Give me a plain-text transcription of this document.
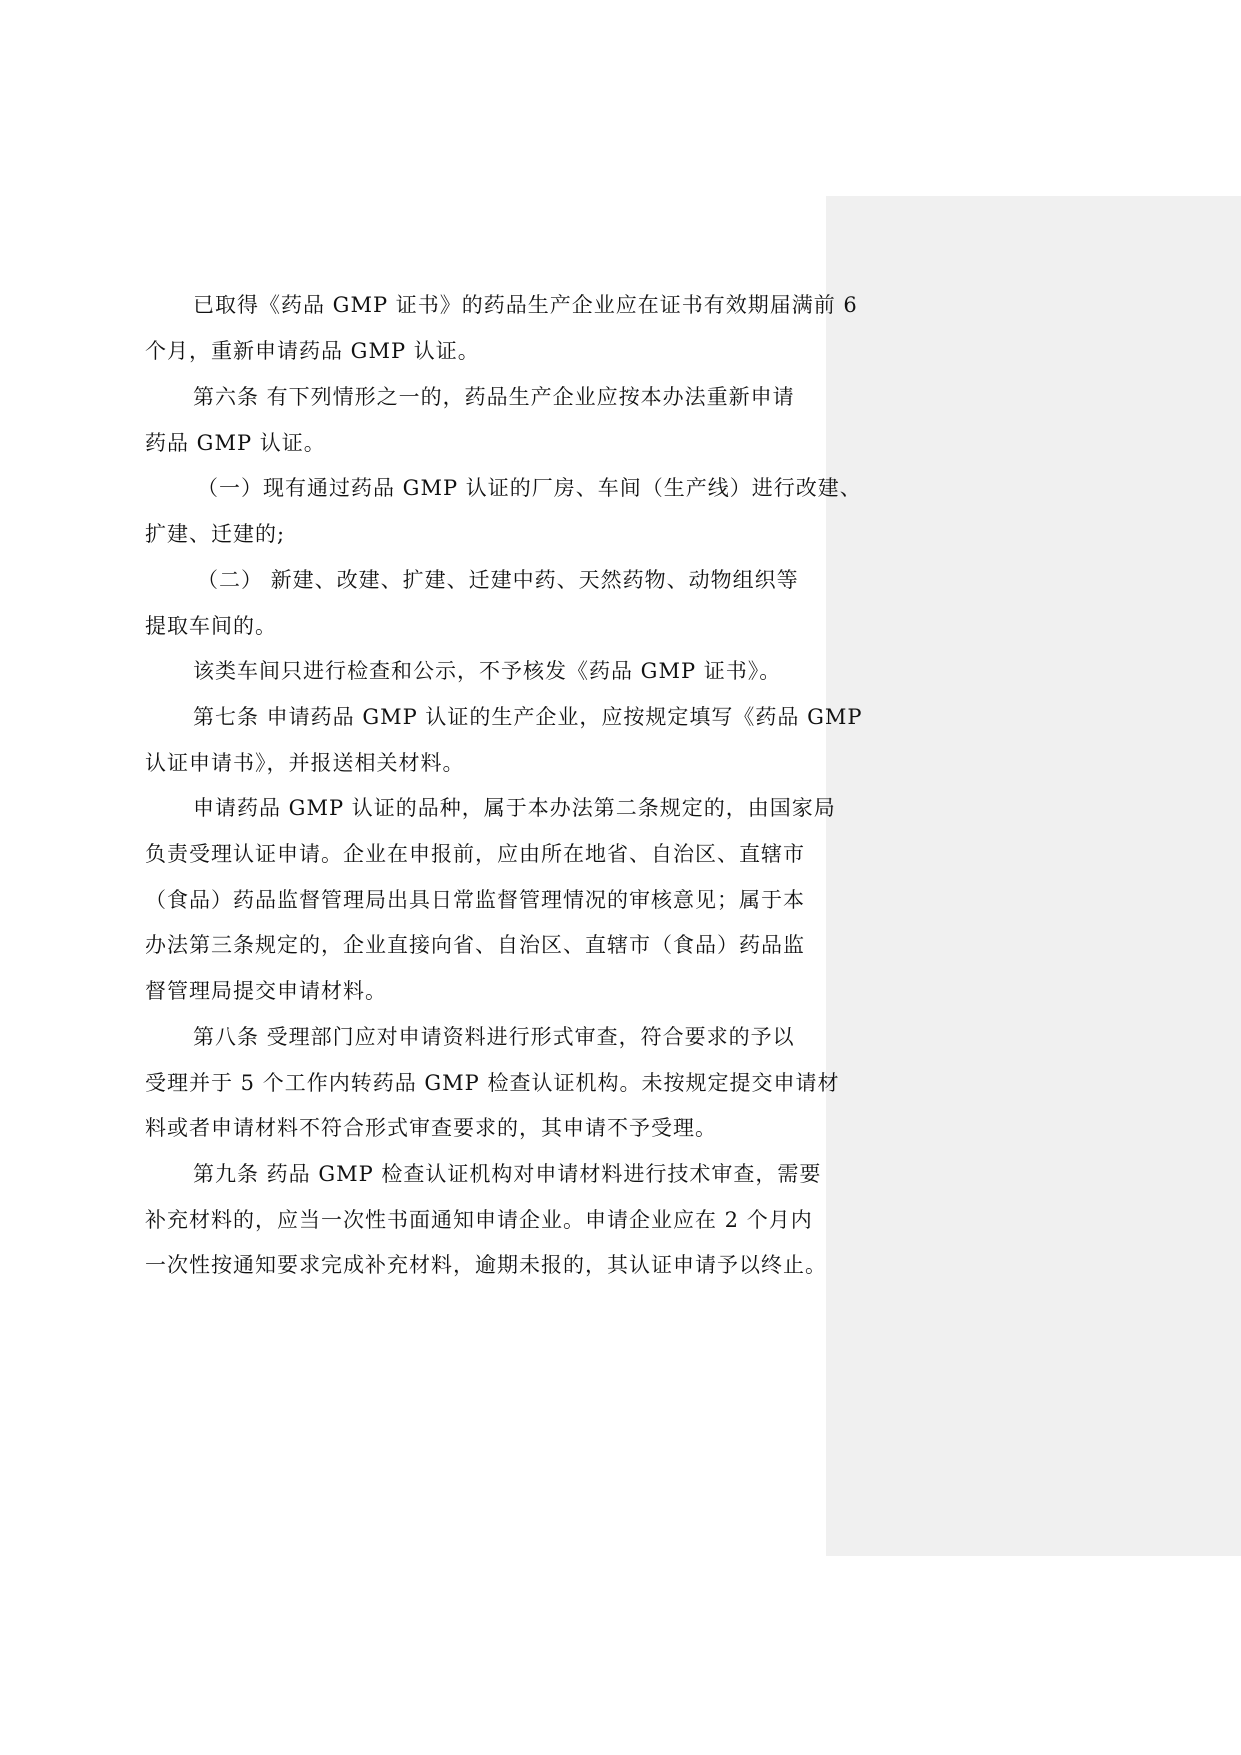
已取得《药品 GMP 证书》的药品生产企业应在证书有效期届满前 6
个月，重新申请药品 GMP 认证。
第六条 有下列情形之一的，药品生产企业应按本办法重新申请
药品 GMP 认证。
（一）现有通过药品 GMP 认证的厂房、车间（生产线）进行改建、
扩建、迁建的;
（二） 新建、改建、扩建、迁建中药、天然药物、动物组织等
提取车间的。
该类车间只进行检查和公示，不予核发《药品 GMP 证书》。
第七条 申请药品 GMP 认证的生产企业，应按规定填写《药品 GMP
认证申请书》，并报送相关材料。
申请药品 GMP 认证的品种，属于本办法第二条规定的，由国家局
负责受理认证申请。企业在申报前，应由所在地省、自治区、直辖市
（食品）药品监督管理局出具日常监督管理情况的审核意见；属于本
办法第三条规定的，企业直接向省、自治区、直辖市（食品）药品监
督管理局提交申请材料。
第八条 受理部门应对申请资料进行形式审查，符合要求的予以
受理并于 5 个工作内转药品 GMP 检查认证机构。未按规定提交申请材
料或者申请材料不符合形式审查要求的，其申请不予受理。
第九条 药品 GMP 检查认证机构对申请材料进行技术审查，需要
补充材料的，应当一次性书面通知申请企业。申请企业应在 2 个月内
一次性按通知要求完成补充材料，逾期未报的，其认证申请予以终止。
